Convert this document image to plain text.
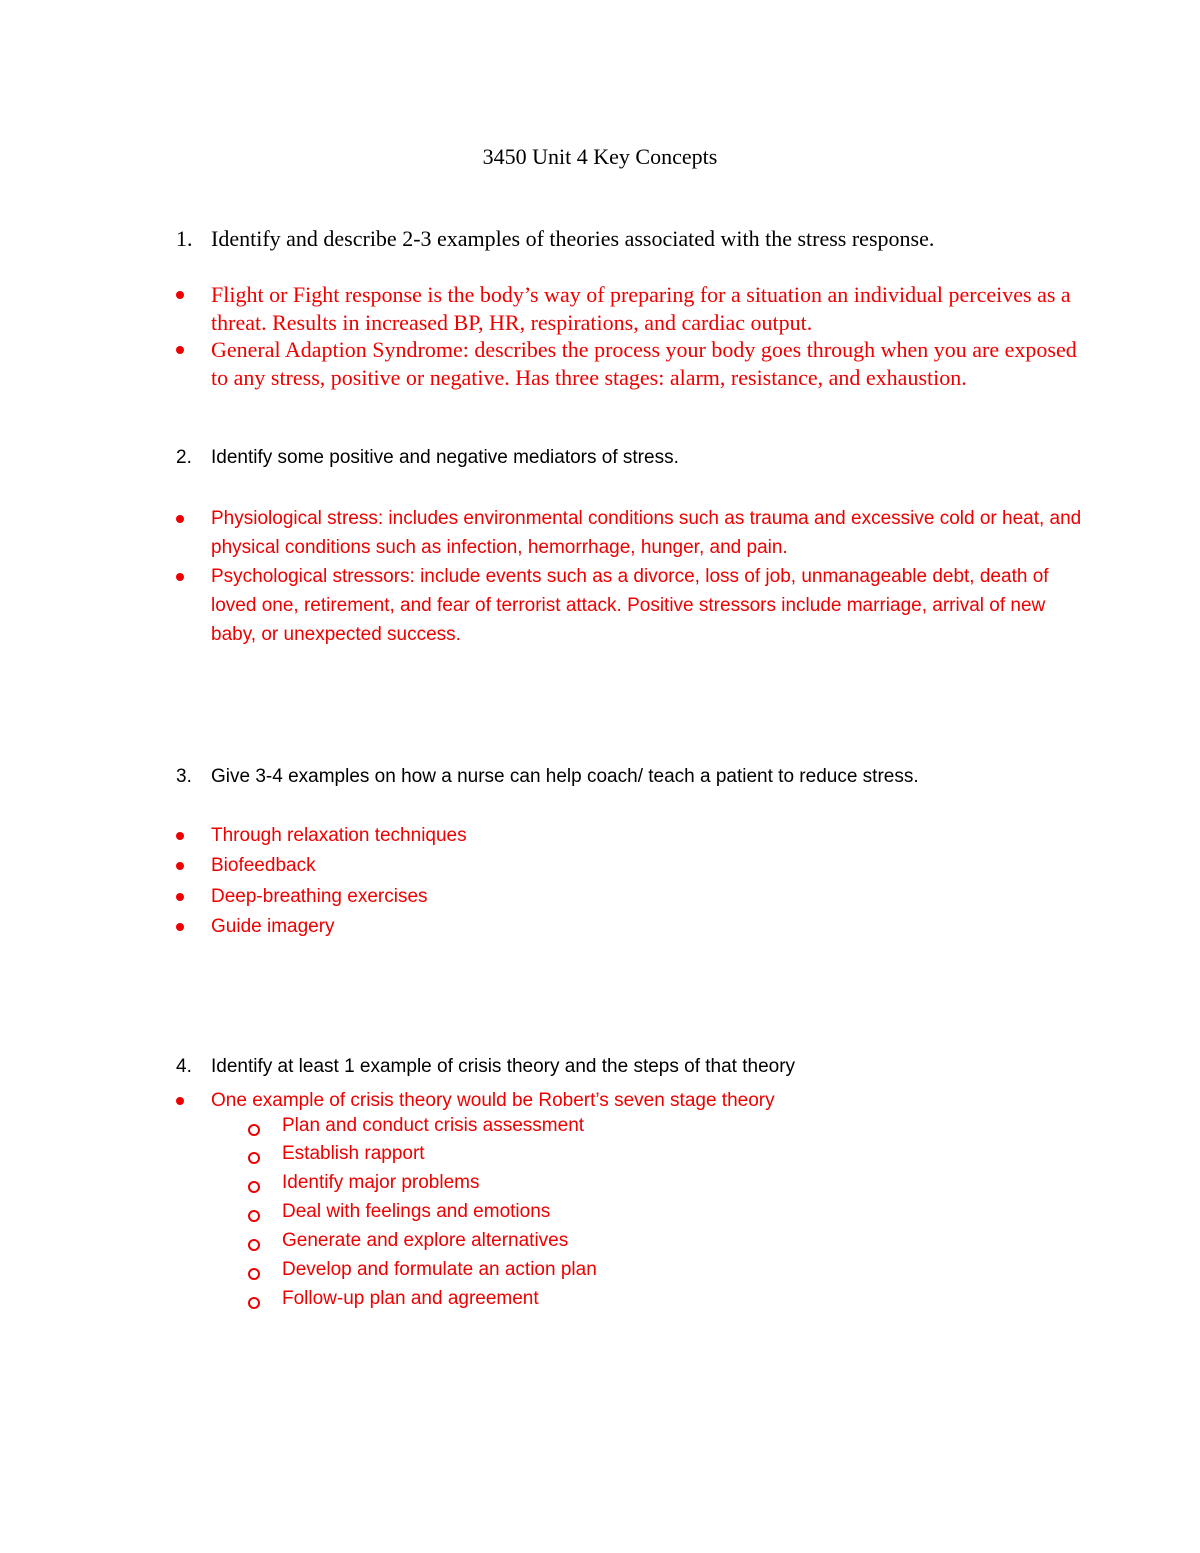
3450 Unit 4 Key Concepts
1. Identify and describe 2-3 examples of theories associated with the stress response.
Flight or Fight response is the body’s way of preparing for a situation an individual perceives as a threat. Results in increased BP, HR, respirations, and cardiac output.
General Adaption Syndrome: describes the process your body goes through when you are exposed to any stress, positive or negative. Has three stages: alarm, resistance, and exhaustion.
2. Identify some positive and negative mediators of stress.
Physiological stress: includes environmental conditions such as trauma and excessive cold or heat, and physical conditions such as infection, hemorrhage, hunger, and pain.
Psychological stressors: include events such as a divorce, loss of job, unmanageable debt, death of loved one, retirement, and fear of terrorist attack. Positive stressors include marriage, arrival of new baby, or unexpected success.
3. Give 3-4 examples on how a nurse can help coach/ teach a patient to reduce stress.
Through relaxation techniques
Biofeedback
Deep-breathing exercises
Guide imagery
4. Identify at least 1 example of crisis theory and the steps of that theory
One example of crisis theory would be Robert’s seven stage theory
Plan and conduct crisis assessment
Establish rapport
Identify major problems
Deal with feelings and emotions
Generate and explore alternatives
Develop and formulate an action plan
Follow-up plan and agreement
